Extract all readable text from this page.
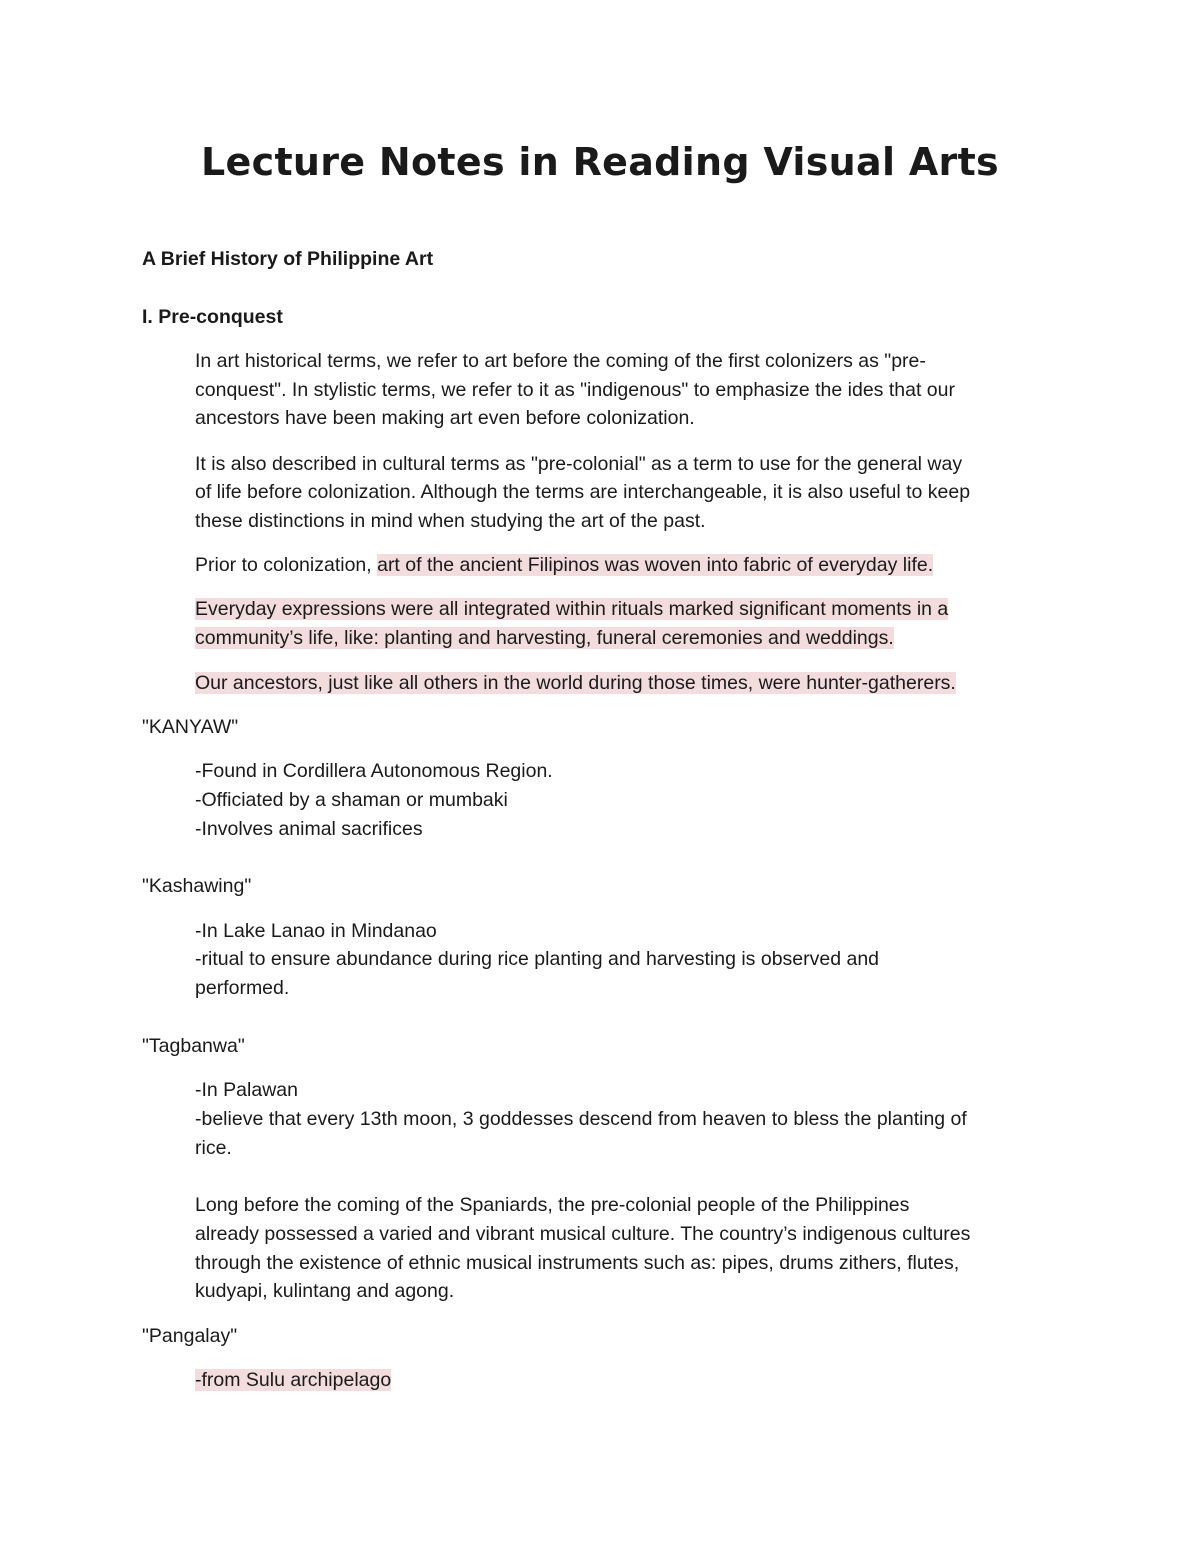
Lecture Notes in Reading Visual Arts
A Brief History of Philippine Art
I. Pre-conquest
In art historical terms, we refer to art before the coming of the first colonizers as "pre-
conquest". In stylistic terms, we refer to it as "indigenous" to emphasize the ides that our
ancestors have been making art even before colonization.
It is also described in cultural terms as "pre-colonial" as a term to use for the general way
of life before colonization. Although the terms are interchangeable, it is also useful to keep
these distinctions in mind when studying the art of the past.
Prior to colonization, art of the ancient Filipinos was woven into fabric of everyday life.
Everyday expressions were all integrated within rituals marked significant moments in a
community’s life, like: planting and harvesting, funeral ceremonies and weddings.
Our ancestors, just like all others in the world during those times, were hunter-gatherers.
"KANYAW"
-Found in Cordillera Autonomous Region.
-Officiated by a shaman or mumbaki
-Involves animal sacrifices
"Kashawing"
-In Lake Lanao in Mindanao
-ritual to ensure abundance during rice planting and harvesting is observed and
performed.
"Tagbanwa"
-In Palawan
-believe that every 13th moon, 3 goddesses descend from heaven to bless the planting of
rice.
Long before the coming of the Spaniards, the pre-colonial people of the Philippines
already possessed a varied and vibrant musical culture. The country’s indigenous cultures
through the existence of ethnic musical instruments such as: pipes, drums zithers, flutes,
kudyapi, kulintang and agong.
"Pangalay"
-from Sulu archipelago
